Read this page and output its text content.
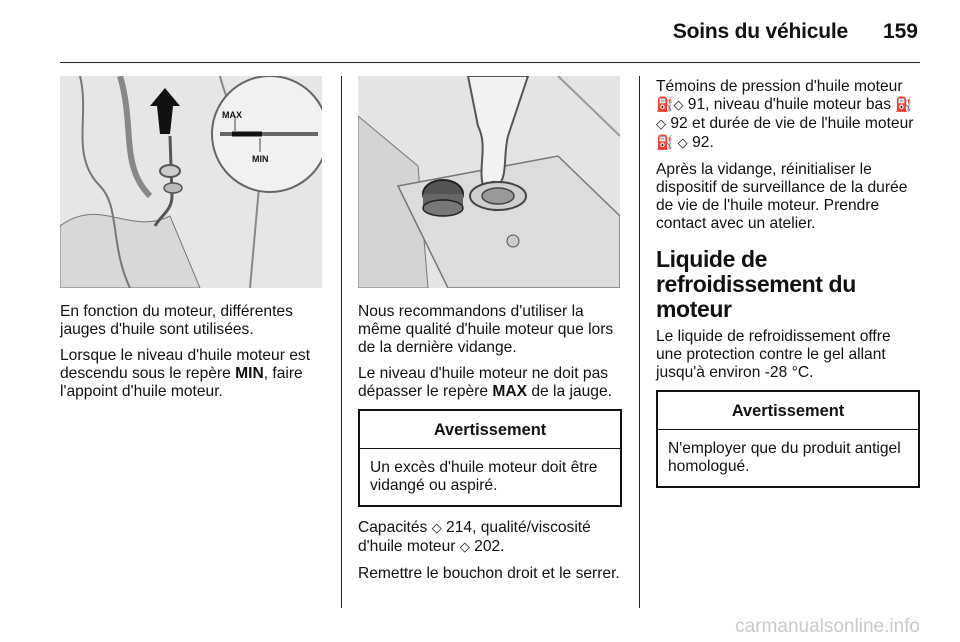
Soins du véhicule 159
MAX
MIN

En fonction du moteur, différentes jauges d'huile sont utilisées.

Lorsque le niveau d'huile moteur est descendu sous le repère MIN, faire l'appoint d'huile moteur.

Nous recommandons d'utiliser la même qualité d'huile moteur que lors de la dernière vidange.

Le niveau d'huile moteur ne doit pas dépasser le repère MAX de la jauge.

Avertissement
Un excès d'huile moteur doit être vidangé ou aspiré.

Capacités ◇ 214, qualité/viscosité d'huile moteur ◇ 202.

Remettre le bouchon droit et le serrer.

Témoins de pression d'huile moteur ⛽◇ 91, niveau d'huile moteur bas ⛽ ◇ 92 et durée de vie de l'huile moteur ⛽ ◇ 92.

Après la vidange, réinitialiser le dispositif de surveillance de la durée de vie de l'huile moteur. Prendre contact avec un atelier.

Liquide de refroidissement du moteur

Le liquide de refroidissement offre une protection contre le gel allant jusqu'à environ -28 °C.

Avertissement
N'employer que du produit antigel homologué.
carmanualsonline.info
